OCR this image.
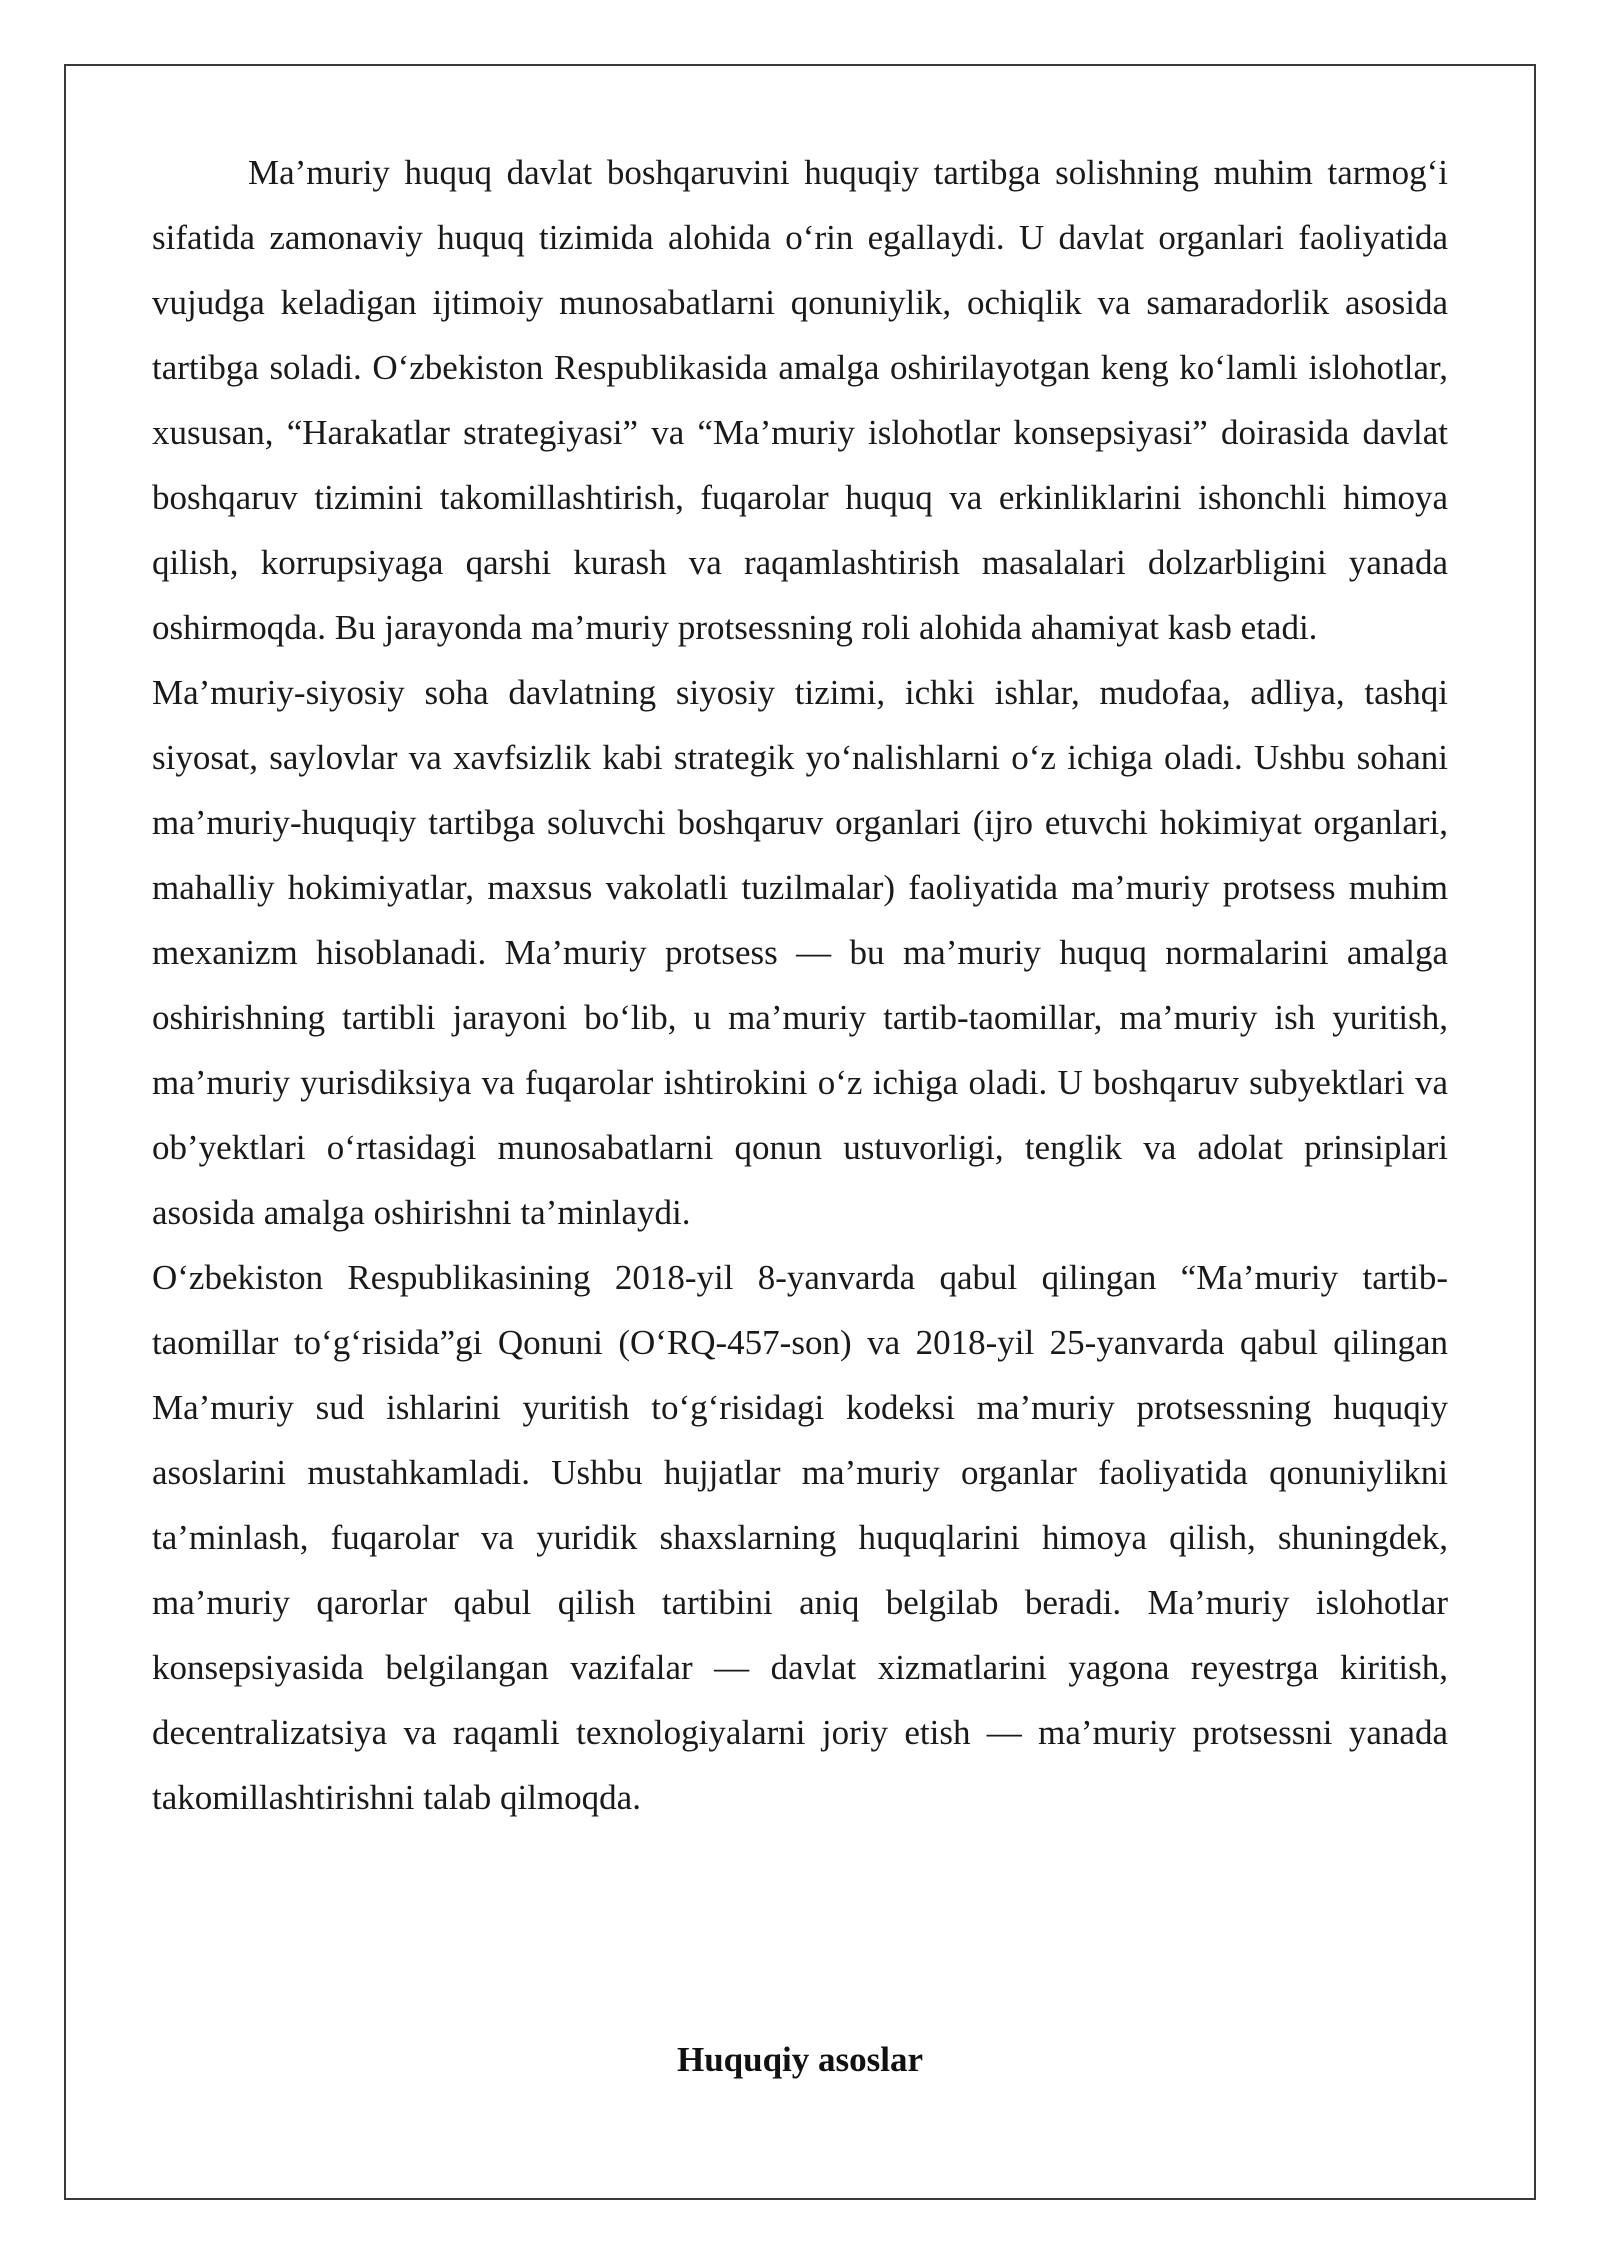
Ma’muriy huquq davlat boshqaruvini huquqiy tartibga solishning muhim tarmog‘i sifatida zamonaviy huquq tizimida alohida o‘rin egallaydi. U davlat organlari faoliyatida vujudga keladigan ijtimoiy munosabatlarni qonuniylik, ochiqlik va samaradorlik asosida tartibga soladi. O‘zbekiston Respublikasida amalga oshirilayotgan keng ko‘lamli islohotlar, xususan, “Harakatlar strategiyasi” va “Ma’muriy islohotlar konsepsiyasi” doirasida davlat boshqaruv tizimini takomillashtirish, fuqarolar huquq va erkinliklarini ishonchli himoya qilish, korrupsiyaga qarshi kurash va raqamlashtirish masalalari dolzarbligini yanada oshirmoqda. Bu jarayonda ma’muriy protsessning roli alohida ahamiyat kasb etadi.

Ma’muriy-siyosiy soha davlatning siyosiy tizimi, ichki ishlar, mudofaa, adliya, tashqi siyosat, saylovlar va xavfsizlik kabi strategik yo‘nalishlarni o‘z ichiga oladi. Ushbu sohani ma’muriy-huquqiy tartibga soluvchi boshqaruv organlari (ijro etuvchi hokimiyat organlari, mahalliy hokimiyatlar, maxsus vakolatli tuzilmalar) faoliyatida ma’muriy protsess muhim mexanizm hisoblanadi. Ma’muriy protsess — bu ma’muriy huquq normalarini amalga oshirishning tartibli jarayoni bo‘lib, u ma’muriy tartib-taomillar, ma’muriy ish yuritish, ma’muriy yurisdiksiya va fuqarolar ishtirokini o‘z ichiga oladi. U boshqaruv subyektlari va ob’yektlari o‘rtasidagi munosabatlarni qonun ustuvorligi, tenglik va adolat prinsiplari asosida amalga oshirishni ta’minlaydi.

O‘zbekiston Respublikasining 2018-yil 8-yanvarda qabul qilingan “Ma’muriy tartib-taomillar to‘g‘risida”gi Qonuni (O‘RQ-457-son) va 2018-yil 25-yanvarda qabul qilingan Ma’muriy sud ishlarini yuritish to‘g‘risidagi kodeksi ma’muriy protsessning huquqiy asoslarini mustahkamladi. Ushbu hujjatlar ma’muriy organlar faoliyatida qonuniylikni ta’minlash, fuqarolar va yuridik shaxslarning huquqlarini himoya qilish, shuningdek, ma’muriy qarorlar qabul qilish tartibini aniq belgilab beradi. Ma’muriy islohotlar konsepsiyasida belgilangan vazifalar — davlat xizmatlarini yagona reyestrga kiritish, decentralizatsiya va raqamli texnologiyalarni joriy etish — ma’muriy protsessni yanada takomillashtirishni talab qilmoqda.

Huquqiy asoslar
